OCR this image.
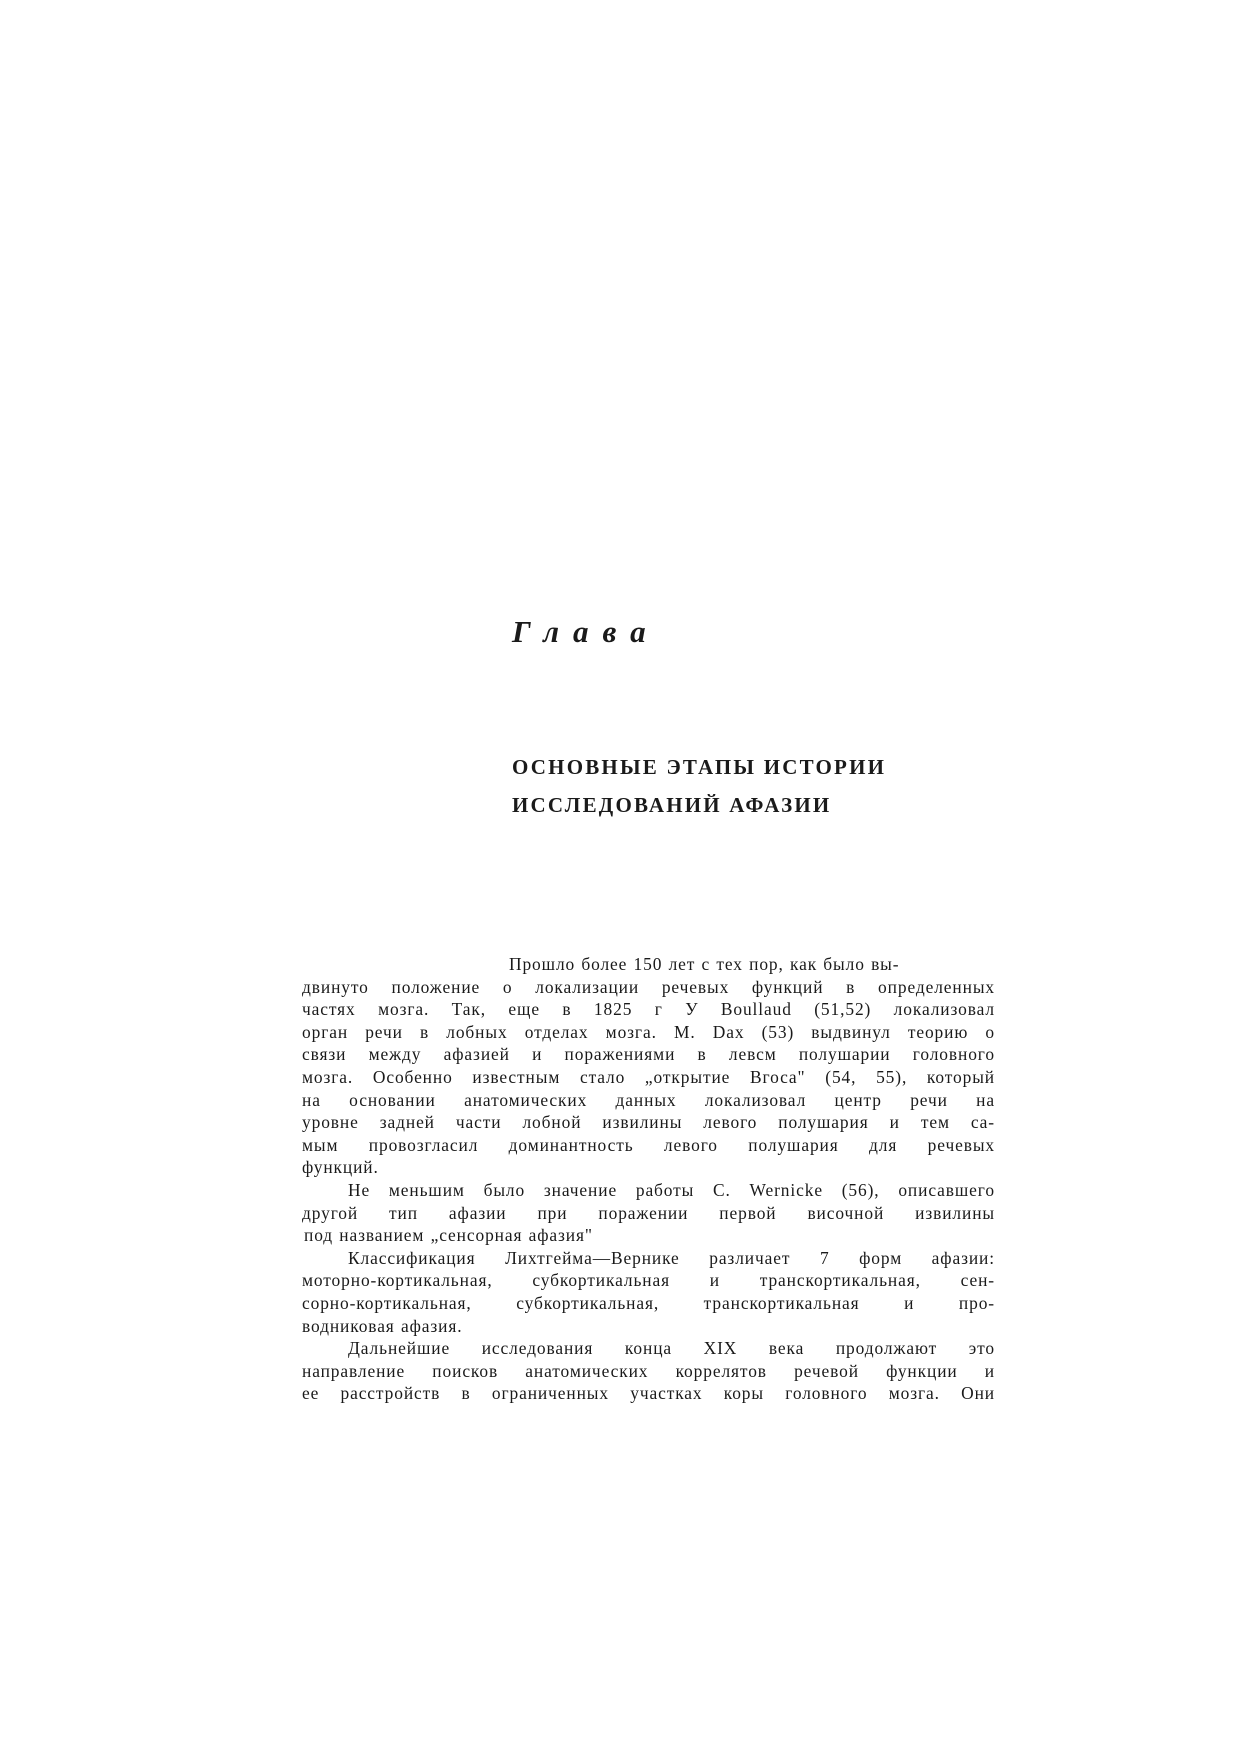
Глава
ОСНОВНЫЕ ЭТАПЫ ИСТОРИИ
ИССЛЕДОВАНИЙ АФАЗИИ
Прошло более 150 лет с тех пор, как было вы-
двинуто положение о локализации речевых функций в определенных
частях мозга. Так, еще в 1825 г У Boullaud (51,52) локализовал
орган речи в лобных отделах мозга. M. Dax (53) выдвинул теорию о
связи между афазией и поражениями в левсм полушарии головного
мозга. Особенно известным стало „открытие Вгоса" (54, 55), который
на основании анатомических данных локализовал центр речи на
уровне задней части лобной извилины левого полушария и тем са-
мым провозгласил доминантность левого полушария для речевых
функций.
Не меньшим было значение работы С. Wernicke (56), описавшего
другой тип афазии при поражении первой височной извилины
под названием „сенсорная афазия"
Классификация Лихтгейма—Вернике различает 7 форм афазии:
моторно-кортикальная, субкортикальная и транскортикальная, сен-
сорно-кортикальная, субкортикальная, транскортикальная и про-
водниковая афазия.
Дальнейшие исследования конца XIX века продолжают это
направление поисков анатомических коррелятов речевой функции и
ее расстройств в ограниченных участках коры головного мозга. Они
